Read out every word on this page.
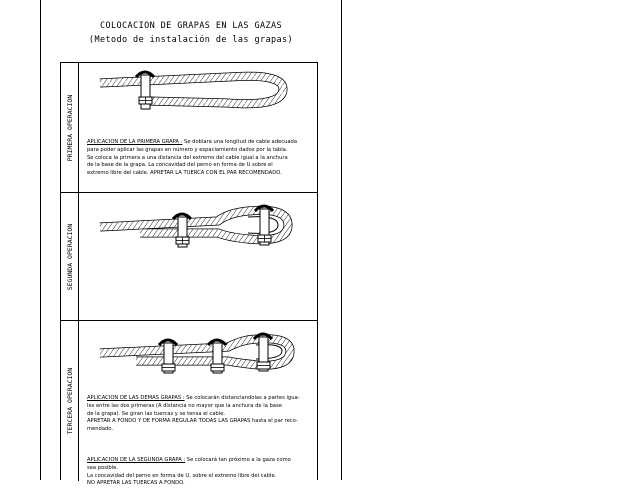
COLOCACION DE GRAPAS EN LAS GAZAS
(Metodo de instalación de las grapas)
PRIMERA OPERACION	APLICACION DE LA PRIMERA GRAPA : Se doblara una longitud de cable adecuada
para poder aplicar las grapas en número y espaciamiento dados por la tabla.
Se coloca la primera a una distancia del extremo del cable igual a la anchura
de la base de la grapa. La concavidad del perno en forma de U sobre el
extremo libre del cable. APRETAR LA TUERCA CON EL PAR RECOMENDADO.
SEGUNDA OPERACION
APLICACION DE LA SEGUNDA GRAPA : Se colocará tan próximo a la gaza como
sea posible.
La concavidad del perno en forma de U, sobre el extremo libre del cable.
NO APRETAR LAS TUERCAS A FONDO.
TERCERA OPERACION	APLICACION DE LAS DEMAS GRAPAS : Se colocarán distanciandolas a partes igua-
les entre las dos primeras (A distancia no mayor que la anchura de la base
de la grapa). Se giran las tuercas y se tensa el cable.
APRETAR A FONDO Y DE FORMA REGULAR TODAS LAS GRAPAS hasta el par reco-
mendado.
